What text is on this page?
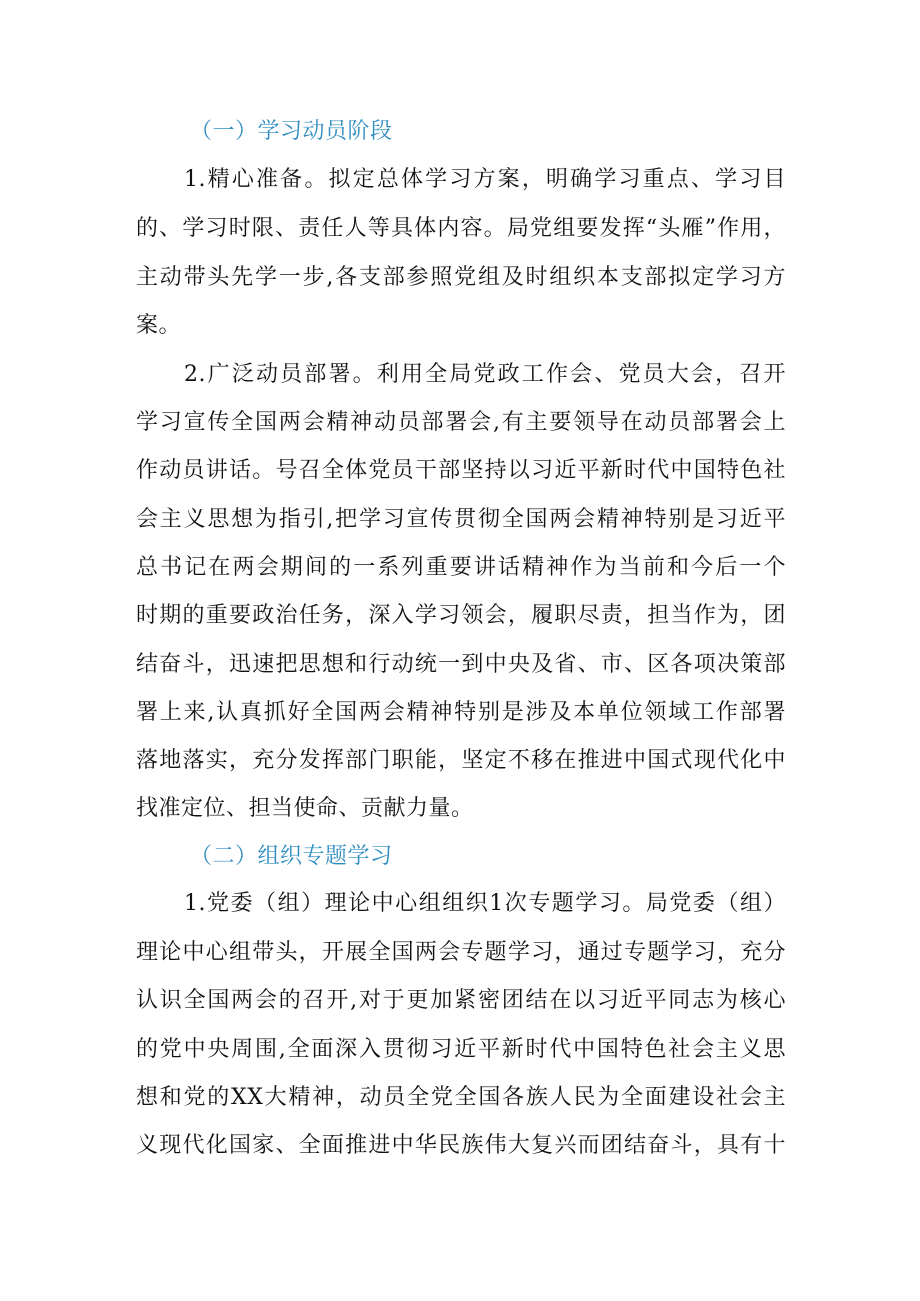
（一）学习动员阶段
1.精心准备。拟定总体学习方案，明确学习重点、学习目
的、学习时限、责任人等具体内容。局党组要发挥“头雁”作用，
主动带头先学一步,各支部参照党组及时组织本支部拟定学习方
案。
2.广泛动员部署。利用全局党政工作会、党员大会，召开
学习宣传全国两会精神动员部署会,有主要领导在动员部署会上
作动员讲话。号召全体党员干部坚持以习近平新时代中国特色社
会主义思想为指引,把学习宣传贯彻全国两会精神特别是习近平
总书记在两会期间的一系列重要讲话精神作为当前和今后一个
时期的重要政治任务，深入学习领会，履职尽责，担当作为，团
结奋斗，迅速把思想和行动统一到中央及省、市、区各项决策部
署上来,认真抓好全国两会精神特别是涉及本单位领域工作部署
落地落实，充分发挥部门职能，坚定不移在推进中国式现代化中
找准定位、担当使命、贡献力量。
（二）组织专题学习
1.党委（组）理论中心组组织1次专题学习。局党委（组）
理论中心组带头，开展全国两会专题学习，通过专题学习，充分
认识全国两会的召开,对于更加紧密团结在以习近平同志为核心
的党中央周围,全面深入贯彻习近平新时代中国特色社会主义思
想和党的XX大精神，动员全党全国各族人民为全面建设社会主
义现代化国家、全面推进中华民族伟大复兴而团结奋斗，具有十
